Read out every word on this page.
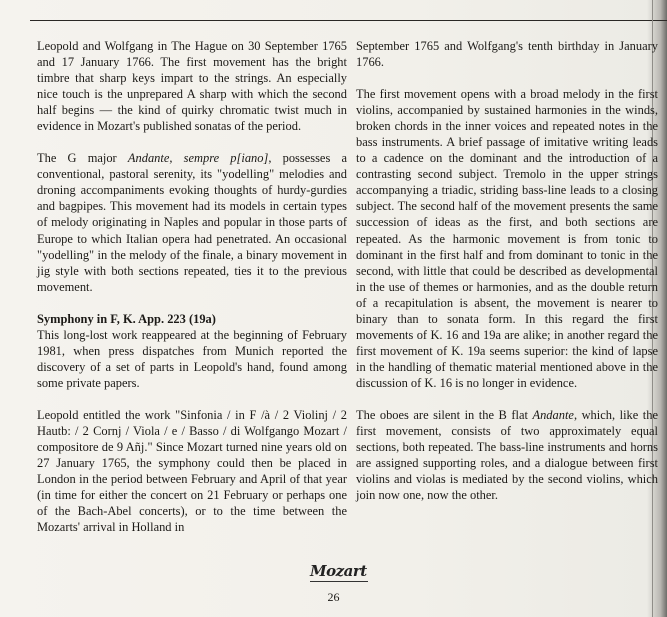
Leopold and Wolfgang in The Hague on 30 September 1765 and 17 January 1766. The first movement has the bright timbre that sharp keys impart to the strings. An especially nice touch is the unprepared A sharp with which the second half begins — the kind of quirky chromatic twist much in evidence in Mozart's published sonatas of the period.

The G major Andante, sempre p[iano], possesses a conventional, pastoral serenity, its "yodelling" melodies and droning accompaniments evoking thoughts of hurdy-gurdies and bagpipes. This movement had its models in certain types of melody originating in Naples and popular in those parts of Europe to which Italian opera had penetrated. An occasional "yodelling" in the melody of the finale, a binary movement in jig style with both sections repeated, ties it to the previous movement.

Symphony in F, K. App. 223 (19a)

This long-lost work reappeared at the beginning of February 1981, when press dispatches from Munich reported the discovery of a set of parts in Leopold's hand, found among some private papers.

Leopold entitled the work "Sinfonia / in F /à / 2 Violinj / 2 Hautb: / 2 Cornj / Viola / e / Basso / di Wolfgango Mozart / compositore de 9 Añj." Since Mozart turned nine years old on 27 January 1765, the symphony could then be placed in London in the period between February and April of that year (in time for either the concert on 21 February or perhaps one of the Bach-Abel concerts), or to the time between the Mozarts' arrival in Holland in

September 1765 and Wolfgang's tenth birthday in January 1766.

The first movement opens with a broad melody in the first violins, accompanied by sustained harmonies in the winds, broken chords in the inner voices and repeated notes in the bass instruments. A brief passage of imitative writing leads to a cadence on the dominant and the introduction of a contrasting second subject. Tremolo in the upper strings accompanying a triadic, striding bass-line leads to a closing subject. The second half of the movement presents the same succession of ideas as the first, and both sections are repeated. As the harmonic movement is from tonic to dominant in the first half and from dominant to tonic in the second, with little that could be described as developmental in the use of themes or harmonies, and as the double return of a recapitulation is absent, the movement is nearer to binary than to sonata form. In this regard the first movements of K. 16 and 19a are alike; in another regard the first movement of K. 19a seems superior: the kind of lapse in the handling of thematic material mentioned above in the discussion of K. 16 is no longer in evidence.

The oboes are silent in the B flat Andante, which, like the first movement, consists of two approximately equal sections, both repeated. The bass-line instruments and horns are assigned supporting roles, and a dialogue between first violins and violas is mediated by the second violins, which join now one, now the other.

Mozart
26
